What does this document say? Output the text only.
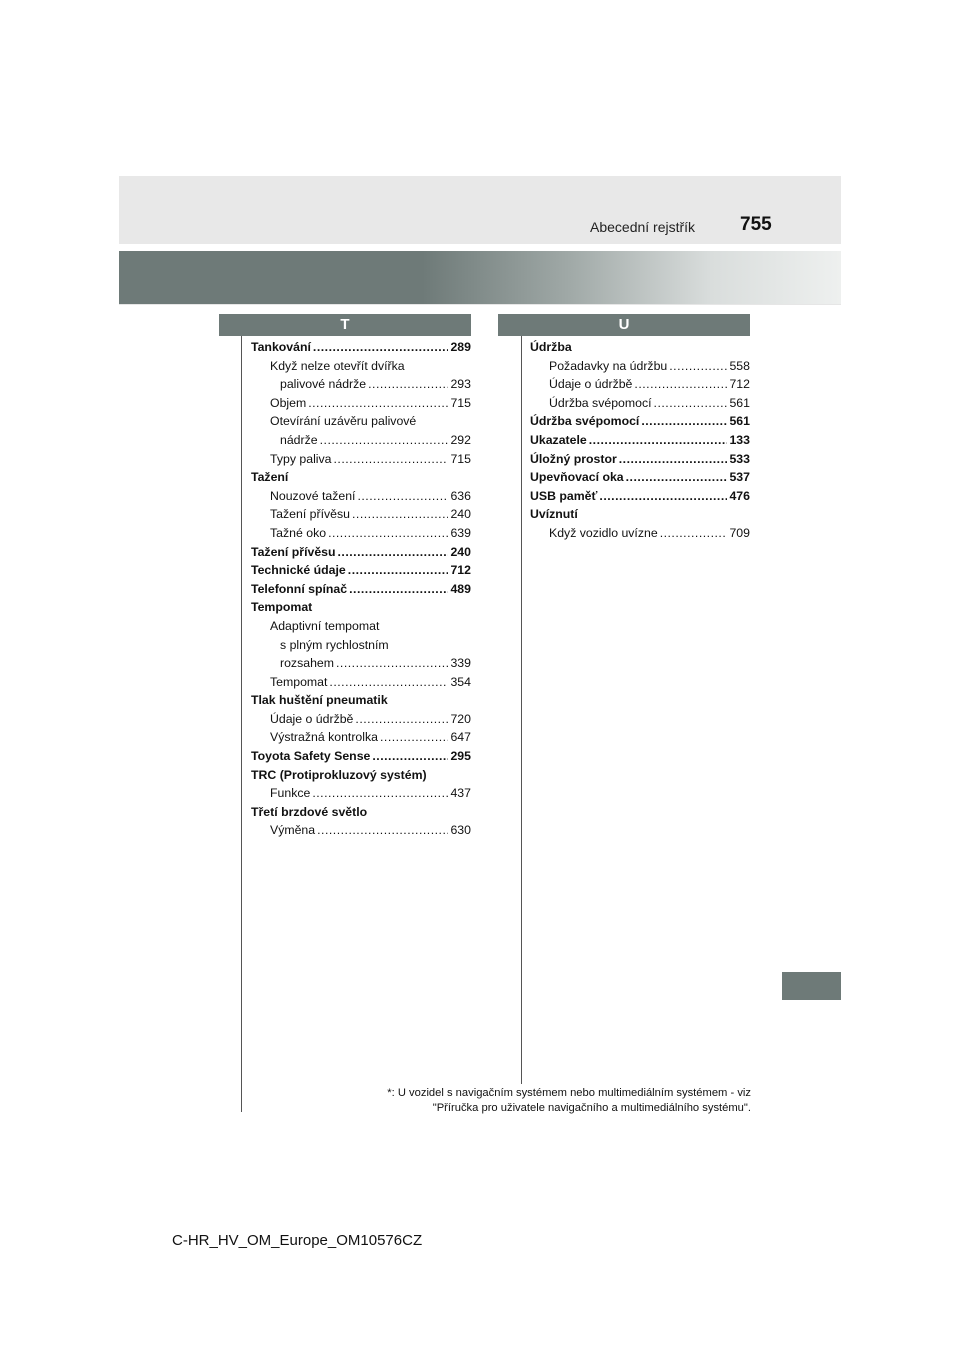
Abecední rejstřík 755
T	U
Tankování .....	289
Když nelze otevřít dvířka
palivové nádrže .....	293
Objem .....	715
Otevírání uzávěru palivové
nádrže .....	292
Typy paliva .....	715
Tažení
Nouzové tažení .....	636
Tažení přívěsu .....	240
Tažné oko .....	639
Tažení přívěsu .....	240
Technické údaje .....	712
Telefonní spínač .....	489
Tempomat
Adaptivní tempomat
s plným rychlostním
rozsahem .....	339
Tempomat .....	354
Tlak huštění pneumatik
Údaje o údržbě .....	720
Výstražná kontrolka .....	647
Toyota Safety Sense .....	295
TRC (Protiprokluzový systém)
Funkce .....	437
Třetí brzdové světlo
Výměna .....	630
Údržba
Požadavky na údržbu .....	558
Údaje o údržbě .....	712
Údržba svépomocí .....	561
Údržba svépomocí .....	561
Ukazatele .....	133
Úložný prostor .....	533
Upevňovací oka .....	537
USB paměť .....	476
Uvíznutí
Když vozidlo uvízne .....	709
*: U vozidel s navigačním systémem nebo multimediálním systémem - viz
"Příručka pro uživatele navigačního a multimediálního systému".
C-HR_HV_OM_Europe_OM10576CZ
